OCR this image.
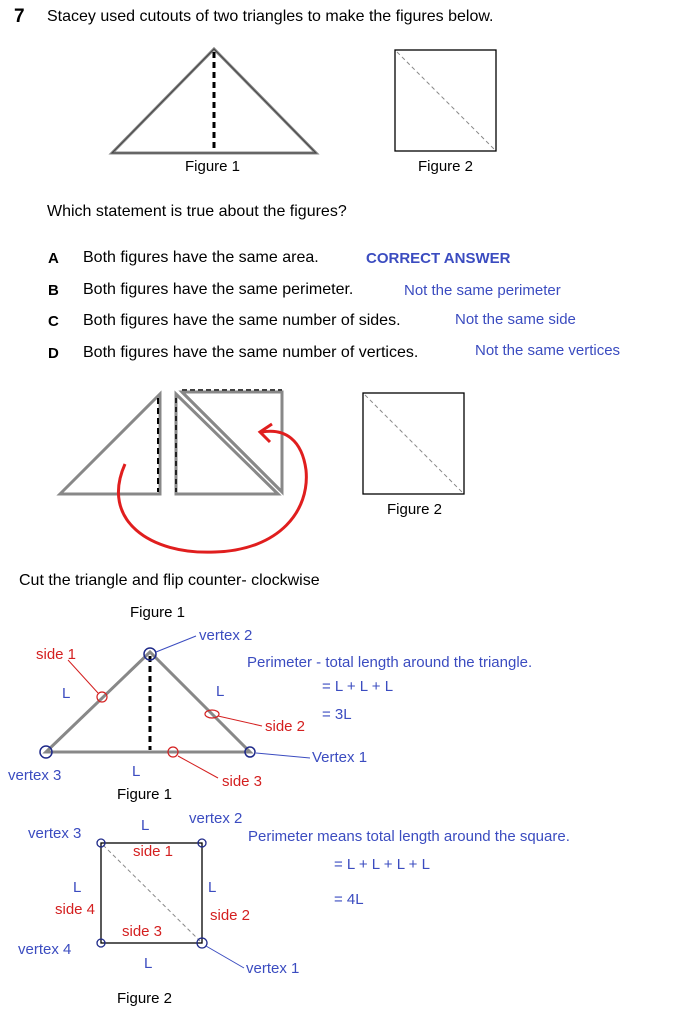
7 Stacey used cutouts of two triangles to make the figures below.
Figure 1	Figure 2
Which statement is true about the figures?
A Both figures have the same area.	CORRECT ANSWER
B Both figures have the same perimeter.	Not the same perimeter
C Both figures have the same number of sides.	Not the same side
D Both figures have the same number of vertices.	Not the same vertices
Figure 2
Cut the triangle and flip counter- clockwise
Figure 1
vertex 2
side 1
L	L
Perimeter - total length around the triangle.
= L + L + L
= 3L
side 2
Vertex 1
vertex 3	L
side 3
Figure 1
vertex 2
L
vertex 3	Perimeter means total length around the square.
side 1
= L + L + L + L
L	L
= 4L
side 4	side 2
side 3
vertex 4
L	vertex 1
Figure 2
